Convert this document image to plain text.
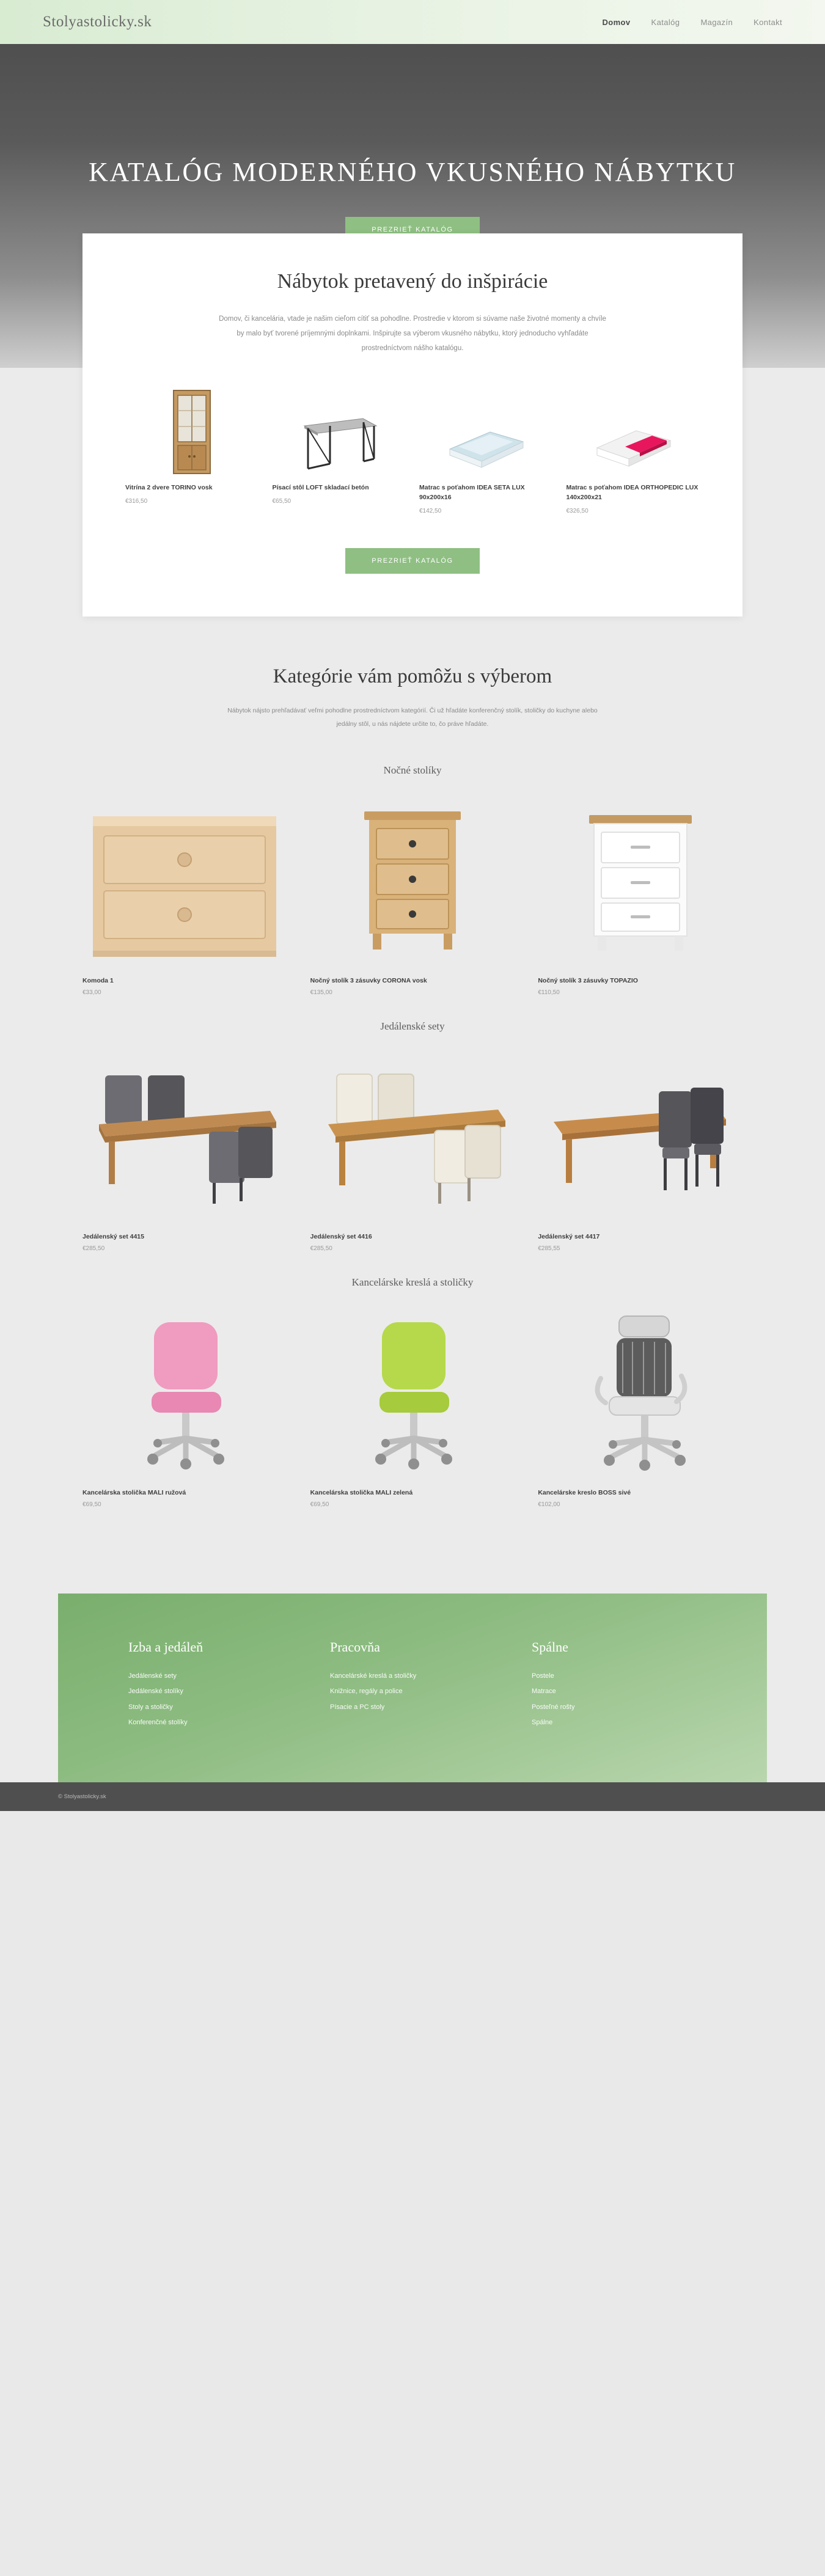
Stolyastolicky.sk	Domov	Katalóg	Magazín	Kontakt
KATALÓG MODERNÉHO VKUSNÉHO NÁBYTKU
PREZRIEŤ KATALÓG
Nábytok pretavený do inšpirácie
Domov, či kancelária, vtade je našim cieľom cítiť sa pohodlne. Prostredie v ktorom si súvame naše životné momenty a chvíle by malo byť tvorené príjemnými doplnkami. Inšpirujte sa výberom vkusného nábytku, ktorý jednoducho vyhľadáte prostredníctvom nášho katalógu.
Vitrína 2 dvere TORINO vosk
€316,50
Písací stôl LOFT skladací betón
€65,50
Matrac s poťahom IDEA SETA LUX 90x200x16
€142,50
Matrac s poťahom IDEA ORTHOPEDIC LUX 140x200x21
€326,50
PREZRIEŤ KATALÓG
Kategórie vám pomôžu s výberom
Nábytok nájsto prehľadávať veľmi pohodlne prostredníctvom kategórií. Či už hľadáte konferenčný stolík, stoličky do kuchyne alebo jedálny stôl, u nás nájdete určite to, čo práve hľadáte.
Nočné stolíky
Komoda 1
€33,00
Nočný stolík 3 zásuvky CORONA vosk
€135,00
Nočný stolík 3 zásuvky TOPAZIO
€110,50
Jedálenské sety
Jedálenský set 4415
€285,50
Jedálenský set 4416
€285,50
Jedálenský set 4417
€285,55
Kancelárske kreslá a stoličky
Kancelárska stolička MALI ružová
€69,50
Kancelárska stolička MALI zelená
€69,50
Kancelárske kreslo BOSS sivé
€102,00
Izba a jedáleň
Jedálenské sety
Jedálenské stolíky
Stoly a stoličky
Konferenčné stolíky
Pracovňa
Kancelárské kreslá a stoličky
Knižnice, regály a police
Písacie a PC stoly
Spálne
Postele
Matrace
Posteľné rošty
Spálne
© Stolyastolicky.sk
